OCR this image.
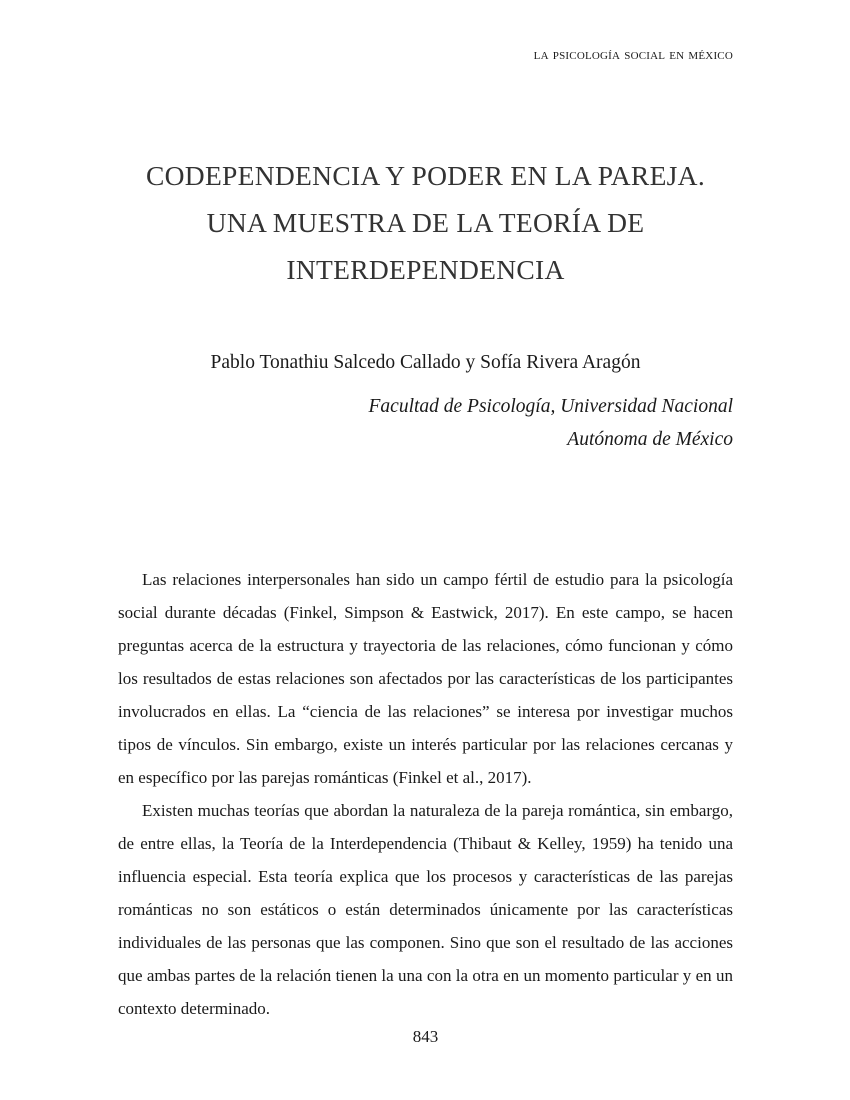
la psicología social en méxico
CODEPENDENCIA Y PODER EN LA PAREJA.
UNA MUESTRA DE LA TEORÍA DE
INTERDEPENDENCIA
Pablo Tonathiu Salcedo Callado y Sofía Rivera Aragón
Facultad de Psicología, Universidad Nacional
Autónoma de México

Las relaciones interpersonales han sido un campo fértil de estudio para la psicología social durante décadas (Finkel, Simpson & Eastwick, 2017). En este campo, se hacen preguntas acerca de la estructura y trayectoria de las relaciones, cómo funcionan y cómo los resultados de estas relaciones son afectados por las características de los participantes involucrados en ellas. La “ciencia de las relaciones” se interesa por investigar muchos tipos de vínculos. Sin embargo, existe un interés particular por las relaciones cercanas y en específico por las parejas románticas (Finkel et al., 2017).

Existen muchas teorías que abordan la naturaleza de la pareja romántica, sin embargo, de entre ellas, la Teoría de la Interdependencia (Thibaut & Kelley, 1959) ha tenido una influencia especial. Esta teoría explica que los procesos y características de las parejas románticas no son estáticos o están determinados únicamente por las características individuales de las personas que las componen. Sino que son el resultado de las acciones que ambas partes de la relación tienen la una con la otra en un momento particular y en un contexto determinado.

843
